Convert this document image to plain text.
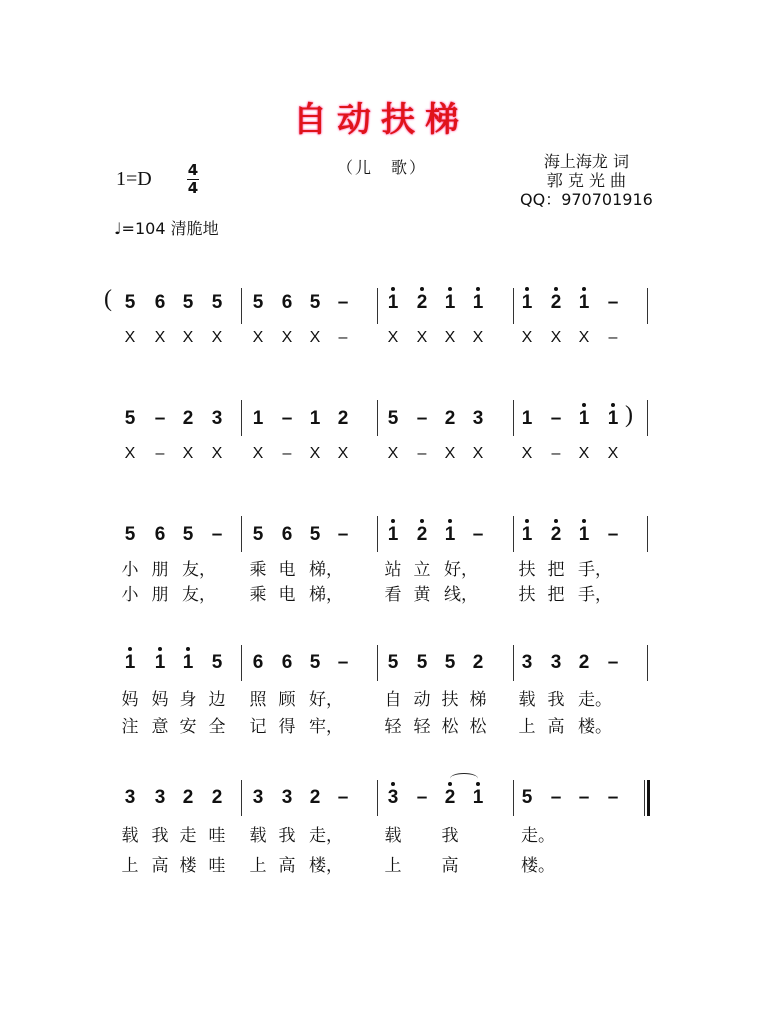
自动扶梯
1=D 4
4
（儿　歌）	海上海龙 词
郭 克 光 曲
QQ：970701916
♩=104 清脆地
5 6 5 5 5 6 5 – 1 2 1 1 1 2 1 –
X X X X X X X	–	X X X X X X X	–
(
5 – 2 3 1 – 1 2 5 – 2 3 1 – 1 1
X	–	X X X	–	X X X	–	X X X	–	X X
)
5 6 5 – 5 6 5 – 1 2 1 – 1 2 1 –
小 朋 友， 乘 电 梯， 站 立 好， 扶 把 手，
小 朋 友， 乘 电 梯， 看 黄 线， 扶 把 手，
1 1 1 5 6 6 5 – 5 5 5 2 3 3 2 –
妈 妈 身 边 照 顾 好， 自 动 扶 梯 载 我 走。
注 意 安 全 记 得 牢， 轻 轻 松 松 上 高 楼。
3 3 2 2 3 3 2 – 3 – 2 1 5 – – –
载 我 走 哇 载 我 走， 载 我	走。
上 高 楼 哇 上 高 楼， 上 高	楼。
